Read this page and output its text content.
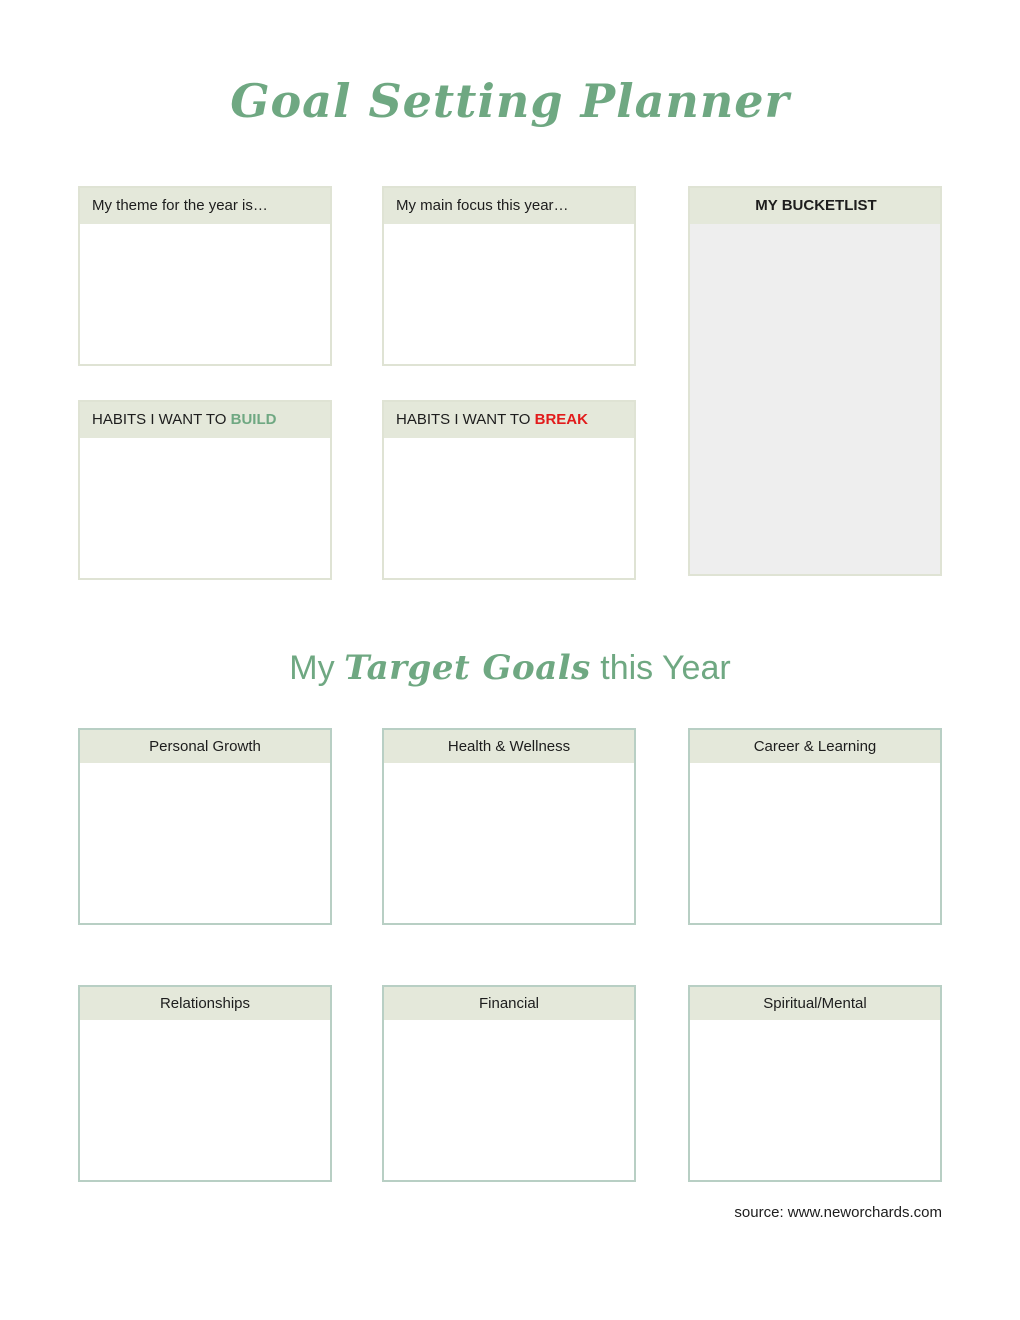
Goal Setting Planner
My theme for the year is…
HABITS I WANT TO BUILD
My main focus this year…
HABITS I WANT TO BREAK
MY BUCKETLIST
My Target Goals this Year
Personal Growth	Health & Wellness	Career & Learning
Relationships	Financial	Spiritual/Mental
source: www.neworchards.com
